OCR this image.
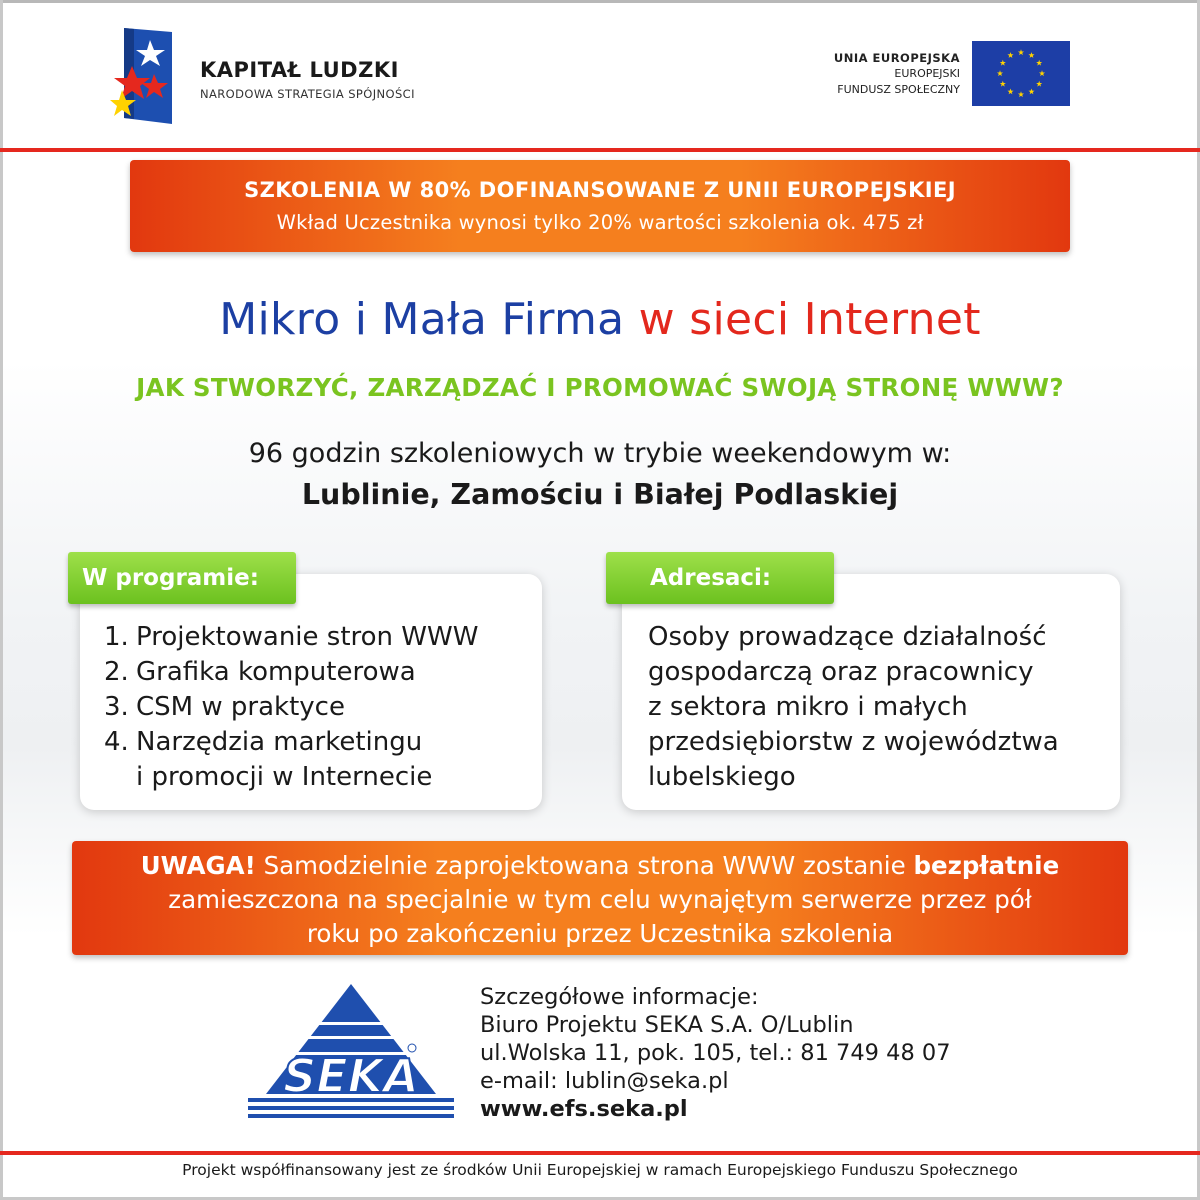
KAPITAŁ LUDZKI
NARODOWA STRATEGIA SPÓJNOŚCI
UNIA EUROPEJSKA
EUROPEJSKI
FUNDUSZ SPOŁECZNY
SZKOLENIA W 80% DOFINANSOWANE Z UNII EUROPEJSKIEJ
Wkład Uczestnika wynosi tylko 20% wartości szkolenia ok. 475 zł
Mikro i Mała Firma w sieci Internet
JAK STWORZYĆ, ZARZĄDZAĆ I PROMOWAĆ SWOJĄ STRONĘ WWW?
96 godzin szkoleniowych w trybie weekendowym w:
Lublinie, Zamościu i Białej Podlaskiej
W programie:	Adresaci:
1. Projektowanie stron WWW
2. Grafika komputerowa
3. CSM w praktyce
4. Narzędzia marketingu
i promocji w Internecie
Osoby prowadzące działalność
gospodarczą oraz pracownicy
z sektora mikro i małych
przedsiębiorstw z województwa
lubelskiego
UWAGA! Samodzielnie zaprojektowana strona WWW zostanie bezpłatnie
zamieszczona na specjalnie w tym celu wynajętym serwerze przez pół
roku po zakończeniu przez Uczestnika szkolenia
SEKA
Szczegółowe informacje:
Biuro Projektu SEKA S.A. O/Lublin
ul.Wolska 11, pok. 105, tel.: 81 749 48 07
e-mail: lublin@seka.pl
www.efs.seka.pl
Projekt współfinansowany jest ze środków Unii Europejskiej w ramach Europejskiego Funduszu Społecznego
